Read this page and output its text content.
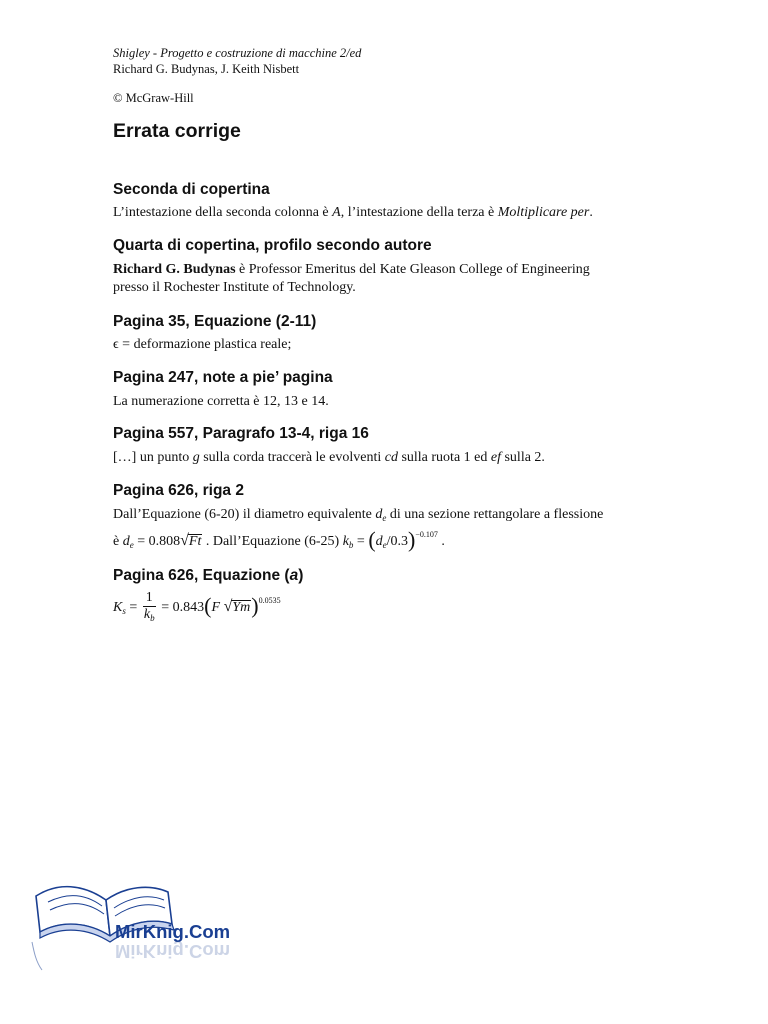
Shigley - Progetto e costruzione di macchine 2/ed
Richard G. Budynas, J. Keith Nisbett
© McGraw-Hill
Errata corrige
Seconda di copertina
L’intestazione della seconda colonna è A, l’intestazione della terza è Moltiplicare per.
Quarta di copertina, profilo secondo autore
Richard G. Budynas è Professor Emeritus del Kate Gleason College of Engineering
presso il Rochester Institute of Technology.
Pagina 35, Equazione (2-11)
ϵ = deformazione plastica reale;
Pagina 247, note a pie’ pagina
La numerazione corretta è 12, 13 e 14.
Pagina 557, Paragrafo 13-4, riga 16
[…] un punto g sulla corda traccerà le evolventi cd sulla ruota 1 ed ef sulla 2.
Pagina 626, riga 2
Dall’Equazione (6-20) il diametro equivalente $d_e$ di una sezione rettangolare a flessione
è $d_e = 0.808√Ft$ . Dall’Equazione (6-25) $k_b = (d_e/0.3)^{-0.107}$ .
Pagina 626, Equazione (a)
$K_s = \frac{1}{k_b} = 0.843(F$ √Ym)$^{0.0535}$
MirKnig.Com
MirKnig.Com
